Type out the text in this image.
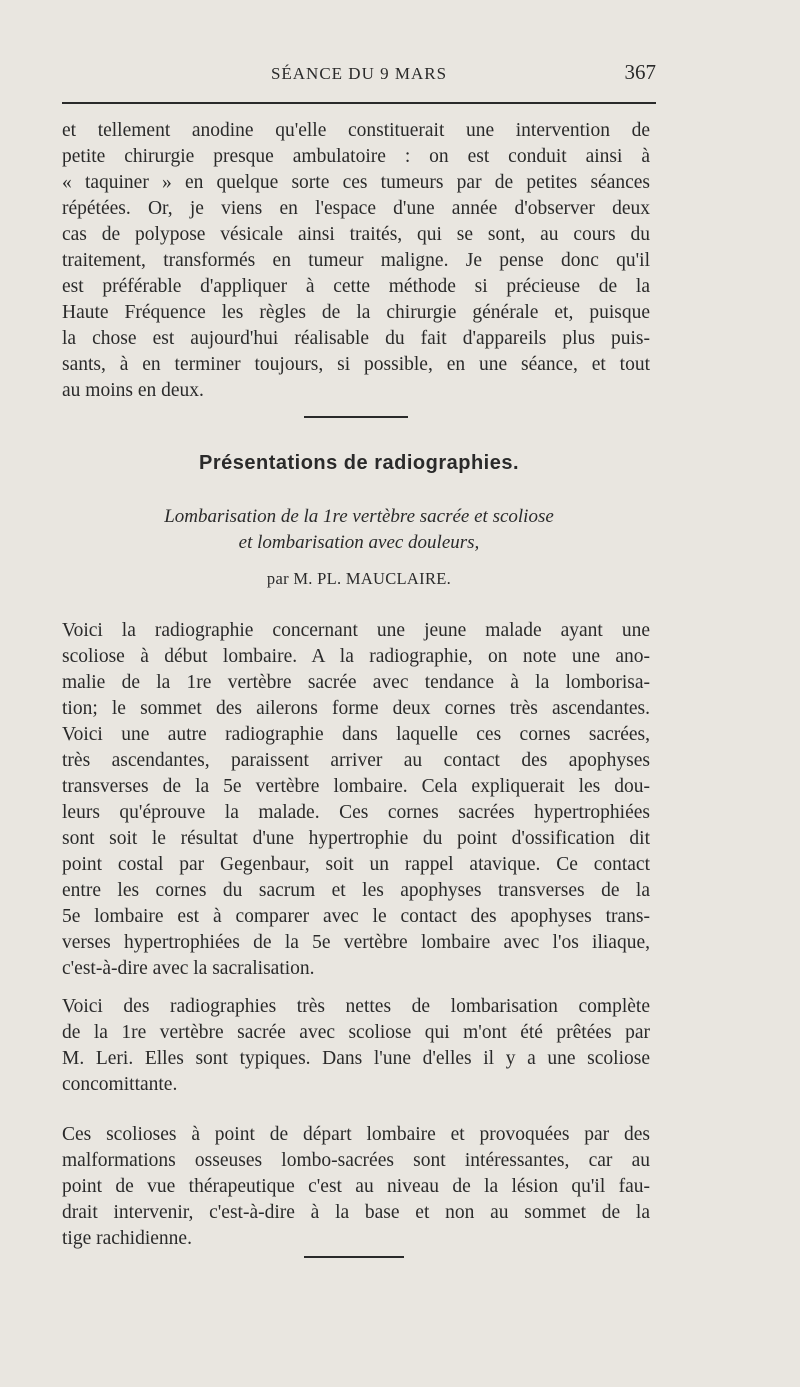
SÉANCE DU 9 MARS	367
et tellement anodine qu'elle constituerait une intervention de
petite chirurgie presque ambulatoire : on est conduit ainsi à
« taquiner » en quelque sorte ces tumeurs par de petites séances
répétées. Or, je viens en l'espace d'une année d'observer deux
cas de polypose vésicale ainsi traités, qui se sont, au cours du
traitement, transformés en tumeur maligne. Je pense donc qu'il
est préférable d'appliquer à cette méthode si précieuse de la
Haute Fréquence les règles de la chirurgie générale et, puisque
la chose est aujourd'hui réalisable du fait d'appareils plus puis-
sants, à en terminer toujours, si possible, en une séance, et tout
au moins en deux.
Présentations de radiographies.
Lombarisation de la 1re vertèbre sacrée et scoliose
et lombarisation avec douleurs,
par M. PL. MAUCLAIRE.
Voici la radiographie concernant une jeune malade ayant une
scoliose à début lombaire. A la radiographie, on note une ano-
malie de la 1re vertèbre sacrée avec tendance à la lomborisa-
tion; le sommet des ailerons forme deux cornes très ascendantes.
Voici une autre radiographie dans laquelle ces cornes sacrées,
très ascendantes, paraissent arriver au contact des apophyses
transverses de la 5e vertèbre lombaire. Cela expliquerait les dou-
leurs qu'éprouve la malade. Ces cornes sacrées hypertrophiées
sont soit le résultat d'une hypertrophie du point d'ossification dit
point costal par Gegenbaur, soit un rappel atavique. Ce contact
entre les cornes du sacrum et les apophyses transverses de la
5e lombaire est à comparer avec le contact des apophyses trans-
verses hypertrophiées de la 5e vertèbre lombaire avec l'os iliaque,
c'est-à-dire avec la sacralisation.
Voici des radiographies très nettes de lombarisation complète
de la 1re vertèbre sacrée avec scoliose qui m'ont été prêtées par
M. Leri. Elles sont typiques. Dans l'une d'elles il y a une scoliose
concomittante.
Ces scolioses à point de départ lombaire et provoquées par des
malformations osseuses lombo-sacrées sont intéressantes, car au
point de vue thérapeutique c'est au niveau de la lésion qu'il fau-
drait intervenir, c'est-à-dire à la base et non au sommet de la
tige rachidienne.
